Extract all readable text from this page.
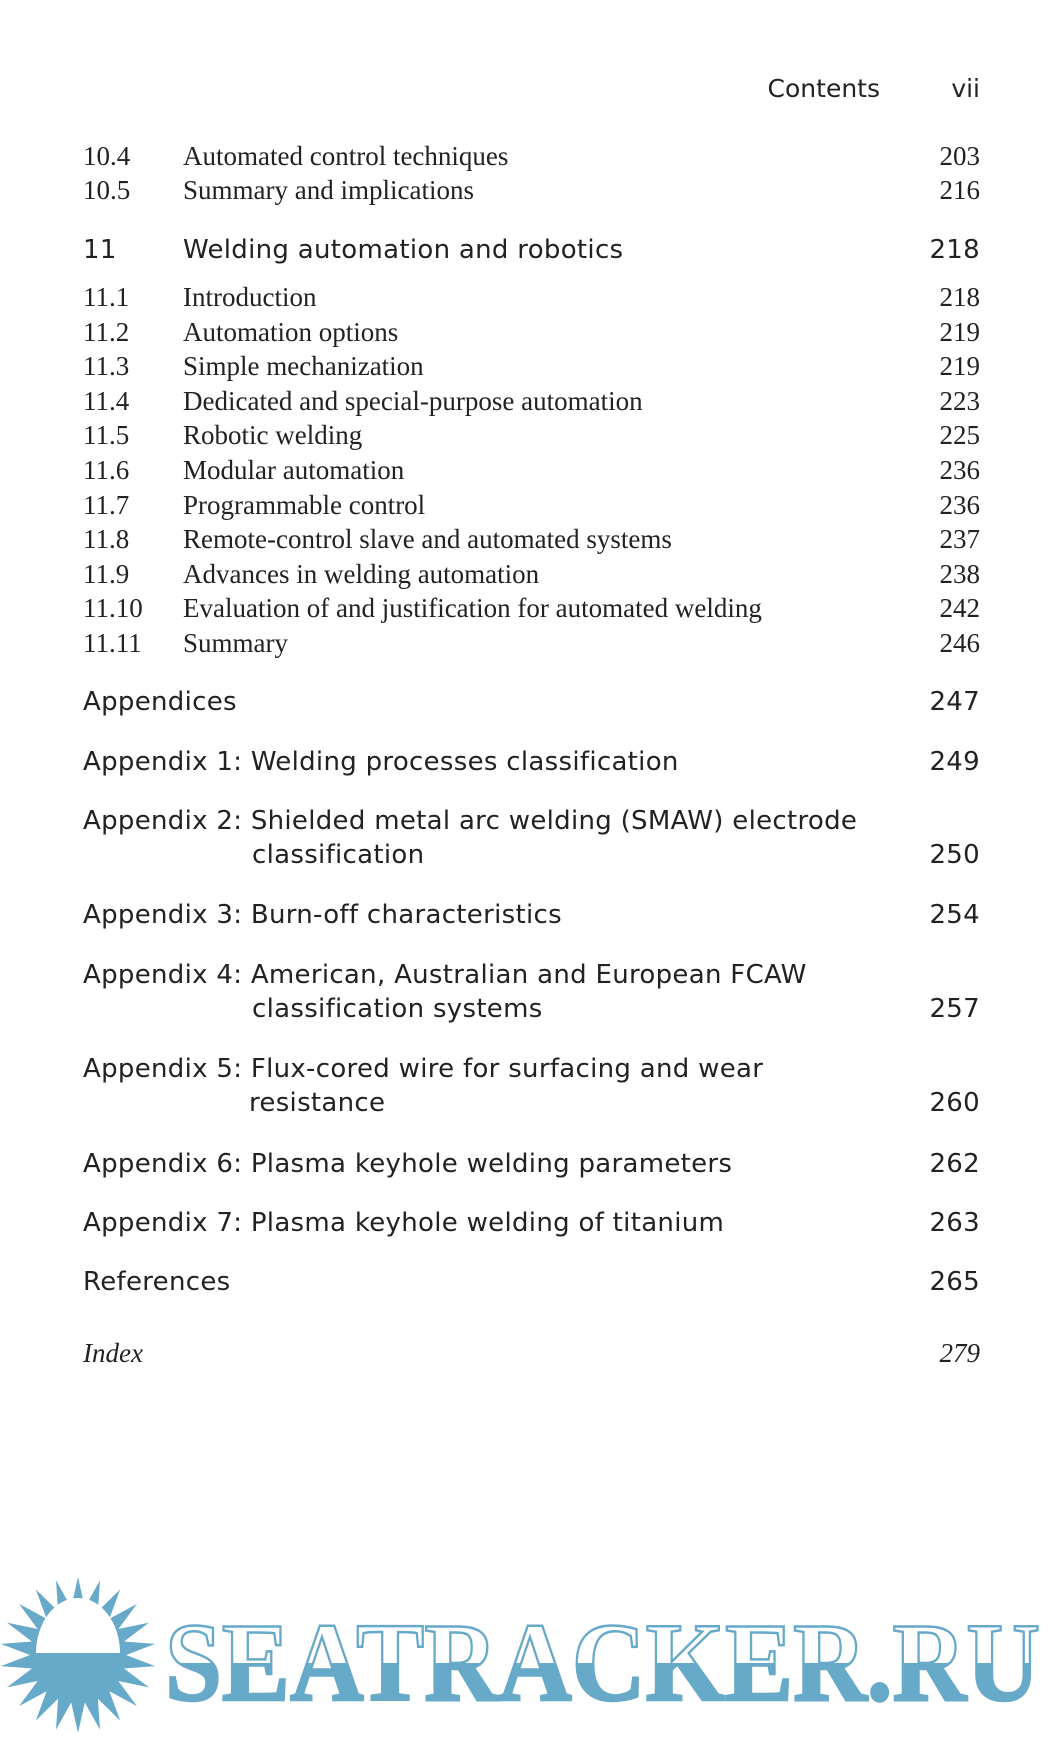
Contents	vii
10.4 Automated control techniques	203
10.5 Summary and implications	216
11	Welding automation and robotics	218
11.1 Introduction	218
11.2 Automation options	219
11.3 Simple mechanization	219
11.4 Dedicated and special-purpose automation	223
11.5 Robotic welding	225
11.6 Modular automation	236
11.7 Programmable control	236
11.8 Remote-control slave and automated systems	237
11.9 Advances in welding automation	238
11.10 Evaluation of and justification for automated welding	242
11.11 Summary	246
Appendices	247
Appendix 1: Welding processes classification	249
Appendix 2: Shielded metal arc welding (SMAW) electrode
classification	250
Appendix 3: Burn-off characteristics	254
Appendix 4: American, Australian and European FCAW
classification systems	257
Appendix 5: Flux-cored wire for surfacing and wear
resistance	260
Appendix 6: Plasma keyhole welding parameters	262
Appendix 7: Plasma keyhole welding of titanium	263
References	265
Index	279
SEATRACKER.RU
